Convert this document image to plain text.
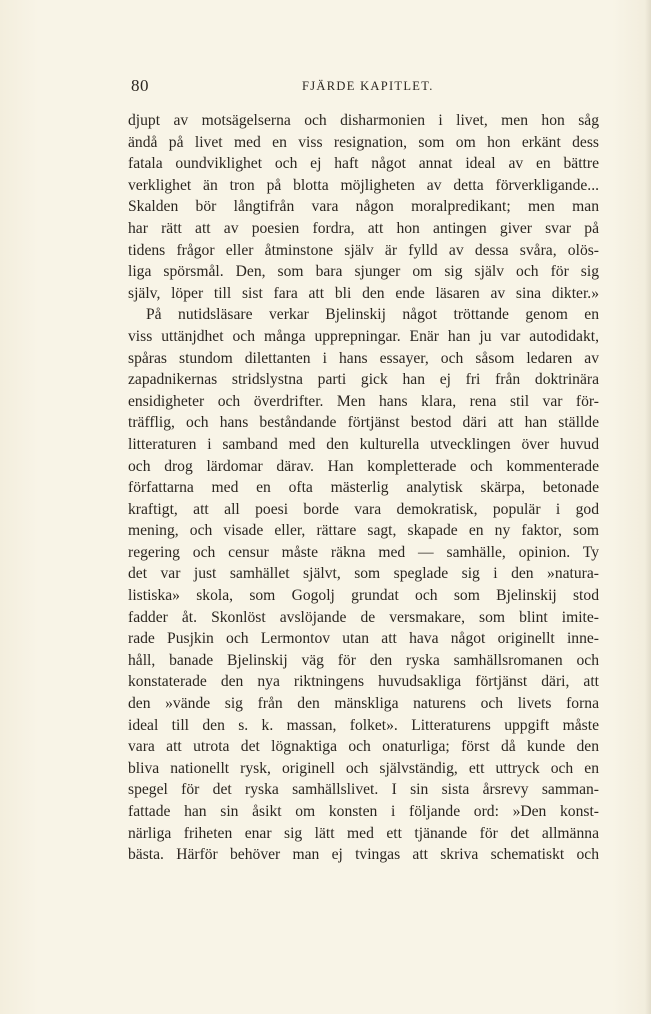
80	FJÄRDE KAPITLET.
djupt av motsägelserna och disharmonien i livet, men hon såg
ändå på livet med en viss resignation, som om hon erkänt dess
fatala oundviklighet och ej haft något annat ideal av en bättre
verklighet än tron på blotta möjligheten av detta förverkligande...
Skalden bör långtifrån vara någon moralpredikant; men man
har rätt att av poesien fordra, att hon antingen giver svar på
tidens frågor eller åtminstone själv är fylld av dessa svåra, olös-
liga spörsmål. Den, som bara sjunger om sig själv och för sig
själv, löper till sist fara att bli den ende läsaren av sina dikter.»
På nutidsläsare verkar Bjelinskij något tröttande genom en
viss uttänjdhet och många upprepningar. Enär han ju var autodidakt,
spåras stundom dilettanten i hans essayer, och såsom ledaren av
zapadnikernas stridslystna parti gick han ej fri från doktrinära
ensidigheter och överdrifter. Men hans klara, rena stil var för-
träfflig, och hans beståndande förtjänst bestod däri att han ställde
litteraturen i samband med den kulturella utvecklingen över huvud
och drog lärdomar därav. Han kompletterade och kommenterade
författarna med en ofta mästerlig analytisk skärpa, betonade
kraftigt, att all poesi borde vara demokratisk, populär i god
mening, och visade eller, rättare sagt, skapade en ny faktor, som
regering och censur måste räkna med — samhälle, opinion. Ty
det var just samhället självt, som speglade sig i den »natura-
listiska» skola, som Gogolj grundat och som Bjelinskij stod
fadder åt. Skonlöst avslöjande de versmakare, som blint imite-
rade Pusjkin och Lermontov utan att hava något originellt inne-
håll, banade Bjelinskij väg för den ryska samhällsromanen och
konstaterade den nya riktningens huvudsakliga förtjänst däri, att
den »vände sig från den mänskliga naturens och livets forna
ideal till den s. k. massan, folket». Litteraturens uppgift måste
vara att utrota det lögnaktiga och onaturliga; först då kunde den
bliva nationellt rysk, originell och självständig, ett uttryck och en
spegel för det ryska samhällslivet. I sin sista årsrevy samman-
fattade han sin åsikt om konsten i följande ord: »Den konst-
närliga friheten enar sig lätt med ett tjänande för det allmänna
bästa. Härför behöver man ej tvingas att skriva schematiskt och
